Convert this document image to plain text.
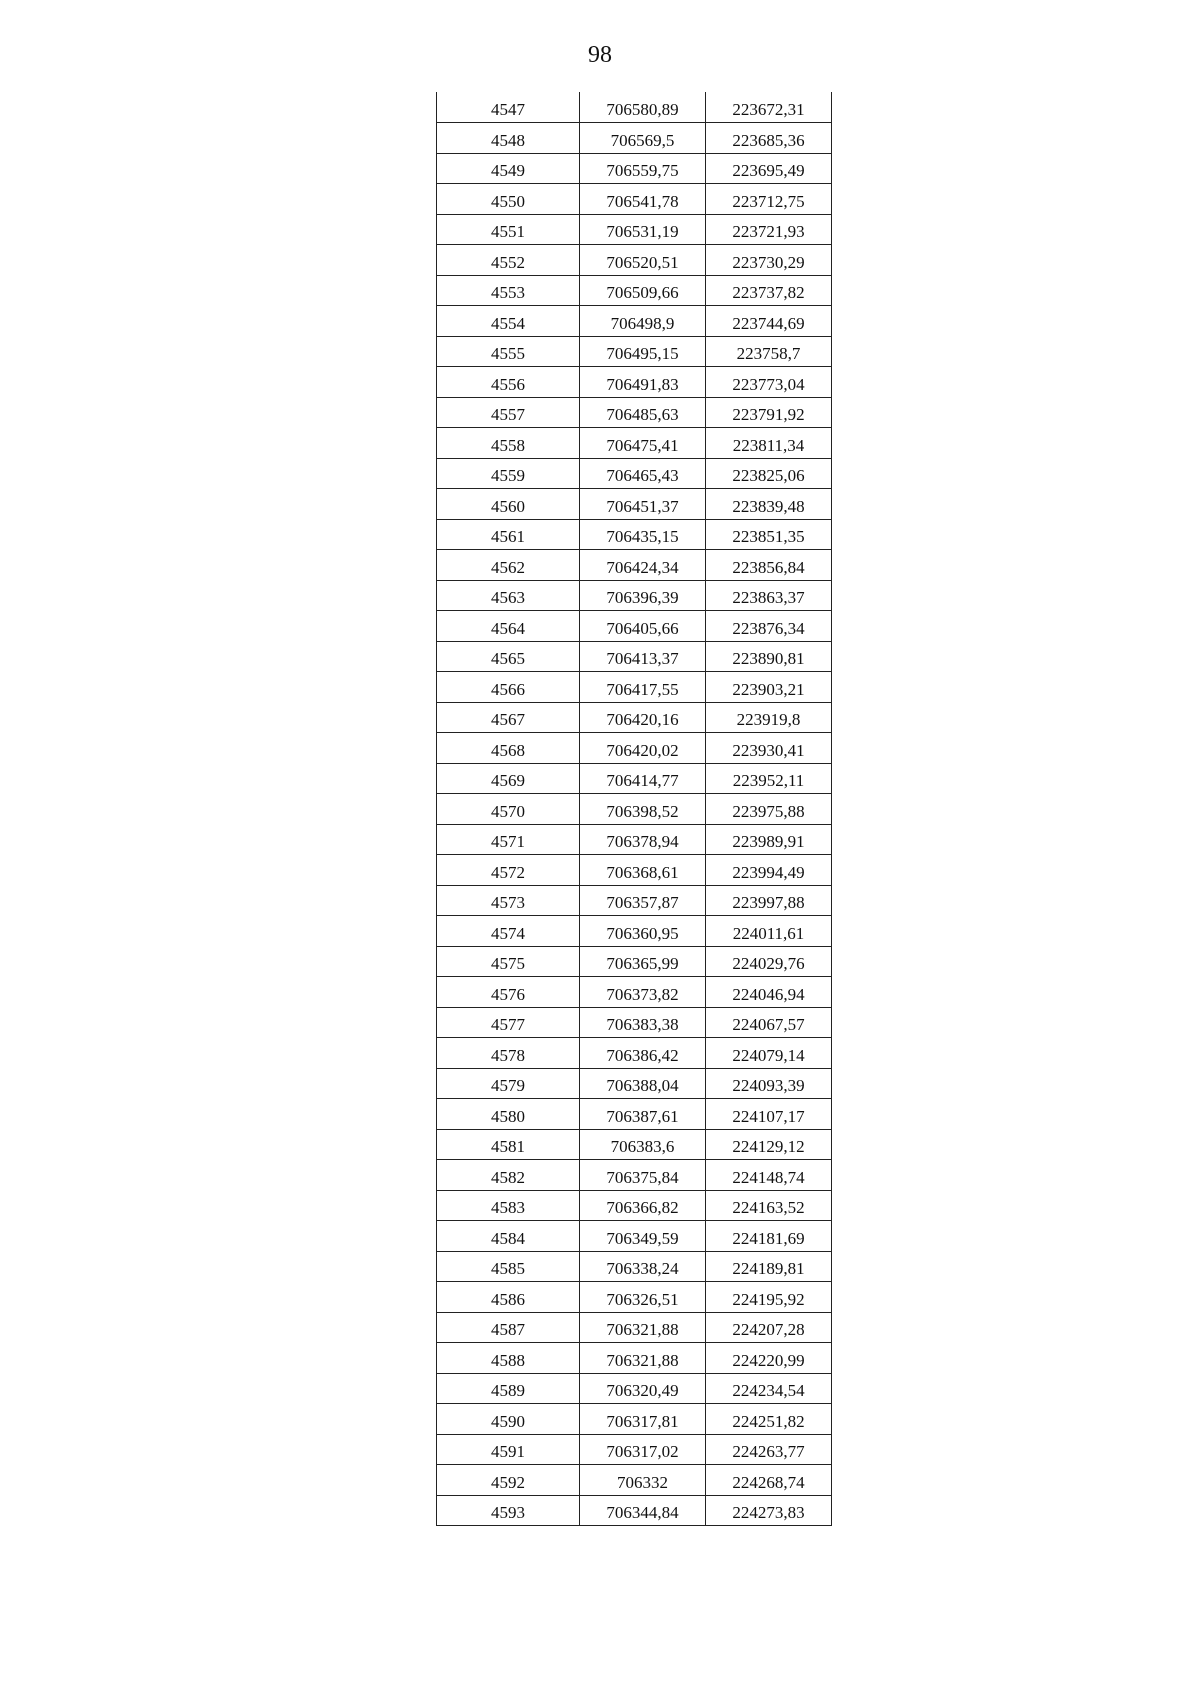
98
4547	706580,89	223672,31
4548	706569,5	223685,36
4549	706559,75	223695,49
4550	706541,78	223712,75
4551	706531,19	223721,93
4552	706520,51	223730,29
4553	706509,66	223737,82
4554	706498,9	223744,69
4555	706495,15	223758,7
4556	706491,83	223773,04
4557	706485,63	223791,92
4558	706475,41	223811,34
4559	706465,43	223825,06
4560	706451,37	223839,48
4561	706435,15	223851,35
4562	706424,34	223856,84
4563	706396,39	223863,37
4564	706405,66	223876,34
4565	706413,37	223890,81
4566	706417,55	223903,21
4567	706420,16	223919,8
4568	706420,02	223930,41
4569	706414,77	223952,11
4570	706398,52	223975,88
4571	706378,94	223989,91
4572	706368,61	223994,49
4573	706357,87	223997,88
4574	706360,95	224011,61
4575	706365,99	224029,76
4576	706373,82	224046,94
4577	706383,38	224067,57
4578	706386,42	224079,14
4579	706388,04	224093,39
4580	706387,61	224107,17
4581	706383,6	224129,12
4582	706375,84	224148,74
4583	706366,82	224163,52
4584	706349,59	224181,69
4585	706338,24	224189,81
4586	706326,51	224195,92
4587	706321,88	224207,28
4588	706321,88	224220,99
4589	706320,49	224234,54
4590	706317,81	224251,82
4591	706317,02	224263,77
4592	706332	224268,74
4593	706344,84	224273,83
